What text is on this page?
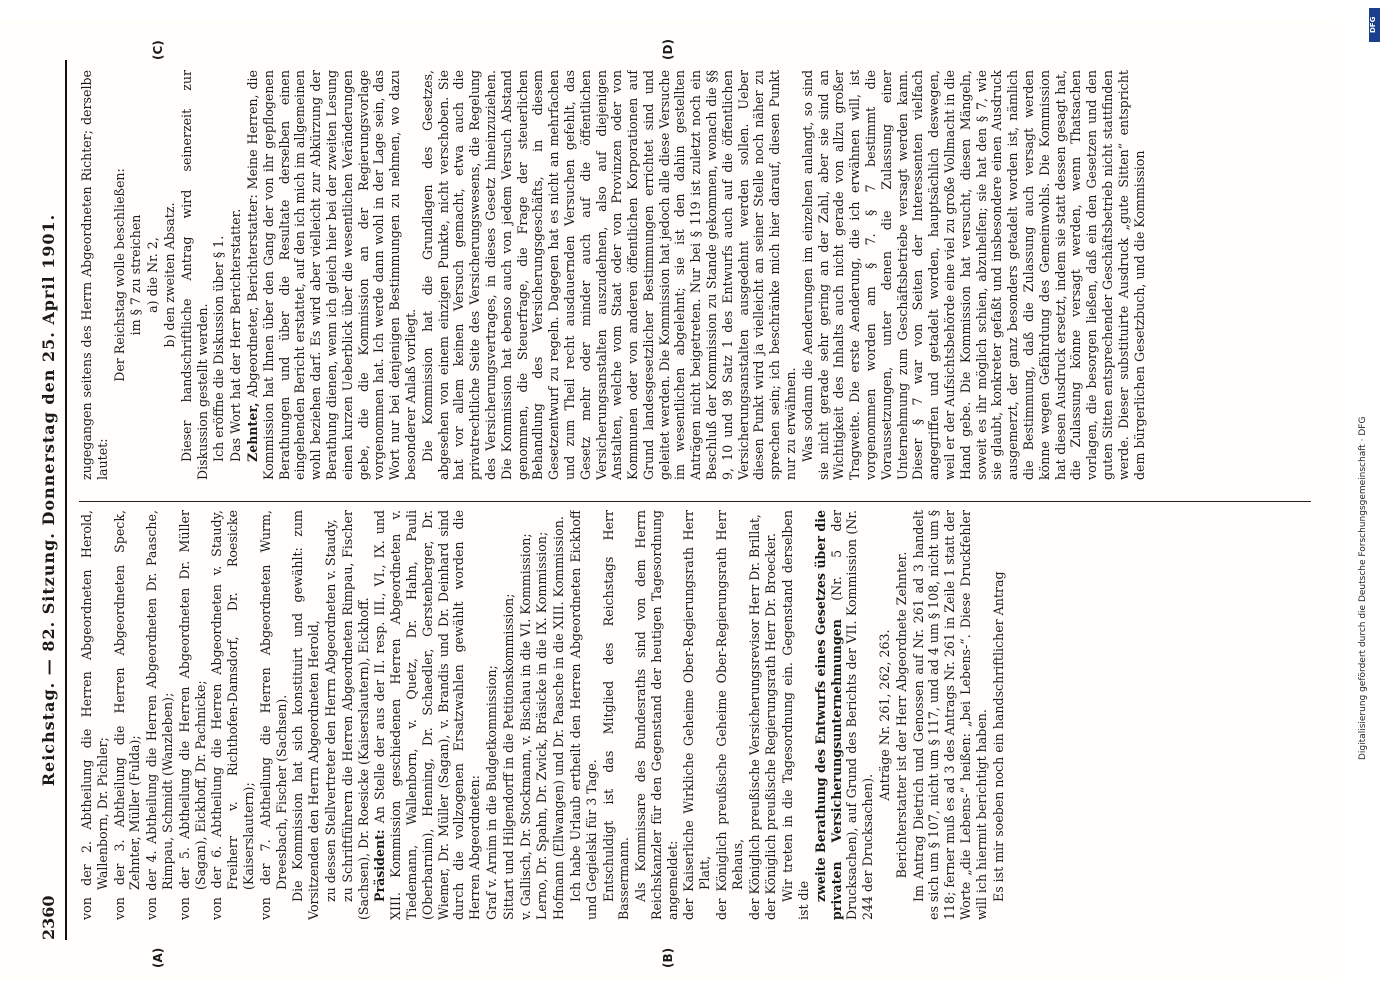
2360
Reichstag. — 82. Sitzung. Donnerstag den 25. April 1901.
(A)	(B)
(C)	(D)

von der 2. Abtheilung die Herren Abgeordneten Herold, Wallenborn, Dr. Pichler; von der 3. Abtheilung die Herren Abgeordneten Speck, Zehnter, Müller (Fulda); von der 4. Abtheilung die Herren Abgeordneten Dr. Paasche, Rimpau, Schmidt (Wanzleben); von der 5. Abtheilung die Herren Abgeordneten Dr. Müller (Sagan), Eickhoff, Dr. Pachnicke; von der 6. Abtheilung die Herren Abgeordneten v. Staudy, Freiherr v. Richthofen-Damsdorf, Dr. Roesicke (Kaiserslautern); von der 7. Abtheilung die Herren Abgeordneten Wurm, Dreesbach, Fischer (Sachsen). Die Kommission hat sich konstituirt und gewählt: zum Vorsitzenden den Herrn Abgeordneten Herold, zu dessen Stellvertreter den Herrn Abgeordneten v. Staudy, zu Schriftführern die Herren Abgeordneten Rimpau, Fischer (Sachsen), Dr. Roesicke (Kaiserslautern), Eickhoff. Präsident: An Stelle der aus der II. resp. III., VI., IX. und XIII. Kommission geschiedenen Herren Abgeordneten v. Tiedemann, Wallenborn, v. Quetz, Dr. Hahn, Pauli (Oberbarnim), Henning, Dr. Schaedler, Gerstenberger, Dr. Wiemer, Dr. Müller (Sagan), v. Brandis und Dr. Deinhard sind durch die vollzogenen Ersatzwahlen gewählt worden die Herren Abgeordneten: Graf v. Arnim in die Budgetkommission; Sittart und Hilgendorff in die Petitionskommission; v. Gallisch, Dr. Stockmann, v. Bischau in die VI. Kommission; Lerno, Dr. Spahn, Dr. Zwick, Bräsicke in die IX. Kommission; Hofmann (Ellwangen) und Dr. Paasche in die XIII. Kommission. Ich habe Urlaub ertheilt den Herren Abgeordneten Eickhoff und Gegielski für 3 Tage. Entschuldigt ist das Mitglied des Reichstags Herr Bassermann. Als Kommissare des Bundesraths sind von dem Herrn Reichskanzler für den Gegenstand der heutigen Tagesordnung angemeldet: der Kaiserliche Wirkliche Geheime Ober-Regierungsrath Herr Platt, der Königlich preußische Geheime Ober-Regierungsrath Herr Rehaus, der Königlich preußische Versicherungsrevisor Herr Dr. Brillat, der Königlich preußische Regierungsrath Herr Dr. Broecker. Wir treten in die Tagesordnung ein. Gegenstand derselben ist die zweite Berathung des Entwurfs eines Gesetzes über die privaten Versicherungsunternehmungen (Nr. 5 der Drucksachen), auf Grund des Berichts der VII. Kommission (Nr. 244 der Drucksachen).

Anträge Nr. 261, 262, 263. Berichterstatter ist der Herr Abgeordnete Zehnter. Im Antrag Dietrich und Genossen auf Nr. 261 ad 3 handelt es sich um § 107, nicht um § 117, und ad 4 um § 108, nicht um § 118; ferner muß es ad 3 des Antrags Nr. 261 in Zeile 1 statt der Worte „die Lebens-“ heißen: „bei Lebens-“. Diese Druckfehler will ich hiermit berichtigt haben. Es ist mir soeben noch ein handschriftlicher Antrag

zugegangen seitens des Herrn Abgeordneten Richter; derselbe lautet:

Der Reichstag wolle beschließen: im § 7 zu streichen a) die Nr. 2, b) den zweiten Absatz. Dieser handschriftliche Antrag wird seinerzeit zur Diskussion gestellt werden. Ich eröffne die Diskussion über § 1. Das Wort hat der Herr Berichterstatter. Zehnter, Abgeordneter, Berichterstatter: Meine Herren, die Kommission hat Ihnen über den Gang der von ihr gepflogenen Berathungen und über die Resultate derselben einen eingehenden Bericht erstattet, auf den ich mich im allgemeinen wohl beziehen darf. Es wird aber vielleicht zur Abkürzung der Berathung dienen, wenn ich gleich hier bei der zweiten Lesung einen kurzen Ueberblick über die wesentlichen Veränderungen gebe, die die Kommission an der Regierungsvorlage vorgenommen hat. Ich werde dann wohl in der Lage sein, das Wort nur bei denjenigen Bestimmungen zu nehmen, wo dazu besonderer Anlaß vorliegt. Die Kommission hat die Grundlagen des Gesetzes, abgesehen von einem einzigen Punkte, nicht verschoben. Sie hat vor allem keinen Versuch gemacht, etwa auch die privatrechtliche Seite des Versicherungswesens, die Regelung des Versicherungsvertrages, in dieses Gesetz hineinzuziehen. Die Kommission hat ebenso auch von jedem Versuch Abstand genommen, die Steuerfrage, die Frage der steuerlichen Behandlung des Versicherungsgeschäfts, in diesem Gesetzentwurf zu regeln. Dagegen hat es nicht an mehrfachen und zum Theil recht ausdauernden Versuchen gefehlt, das Gesetz mehr oder minder auch auf die öffentlichen Versicherungsanstalten auszudehnen, also auf diejenigen Anstalten, welche vom Staat oder von Provinzen oder von Kommunen oder von anderen öffentlichen Korporationen auf Grund landesgesetzlicher Bestimmungen errichtet sind und geleitet werden. Die Kommission hat jedoch alle diese Versuche im wesentlichen abgelehnt; sie ist den dahin gestellten Anträgen nicht beigetreten. Nur bei § 119 ist zuletzt noch ein Beschluß der Kommission zu Stande gekommen, wonach die §§ 9, 10 und 98 Satz 1 des Entwurfs auch auf die öffentlichen Versicherungsanstalten ausgedehnt werden sollen. Ueber diesen Punkt wird ja vielleicht an seiner Stelle noch näher zu sprechen sein; ich beschränke mich hier darauf, diesen Punkt nur zu erwähnen. Was sodann die Aenderungen im einzelnen anlangt, so sind sie nicht gerade sehr gering an der Zahl, aber sie sind an Wichtigkeit des Inhalts auch nicht gerade von allzu großer Tragweite. Die erste Aenderung, die ich erwähnen will, ist vorgenommen worden am § 7. § 7 bestimmt die Voraussetzungen, unter denen die Zulassung einer Unternehmung zum Geschäftsbetriebe versagt werden kann. Dieser § 7 war von Seiten der Interessenten vielfach angegriffen und getadelt worden, hauptsächlich deswegen, weil er der Aufsichtsbehörde eine viel zu große Vollmacht in die Hand gebe. Die Kommission hat versucht, diesen Mängeln, soweit es ihr möglich schien, abzuhelfen; sie hat den § 7, wie sie glaubt, konkreter gefaßt und insbesondere einen Ausdruck ausgemerzt, der ganz besonders getadelt worden ist, nämlich die Bestimmung, daß die Zulassung auch versagt werden könne wegen Gefährdung des Gemeinwohls. Die Kommission hat diesen Ausdruck ersetzt, indem sie statt dessen gesagt hat, die Zulassung könne versagt werden, wenn Thatsachen vorlagen, die besorgen ließen, daß ein den Gesetzen und den guten Sitten entsprechender Geschäftsbetrieb nicht stattfinden werde. Dieser substituirte Ausdruck „gute Sitten“ entspricht dem bürgerlichen Gesetzbuch, und die Kommission

DFG
Digitalisierung gefördert durch die Deutsche Forschungsgemeinschaft · DFG
